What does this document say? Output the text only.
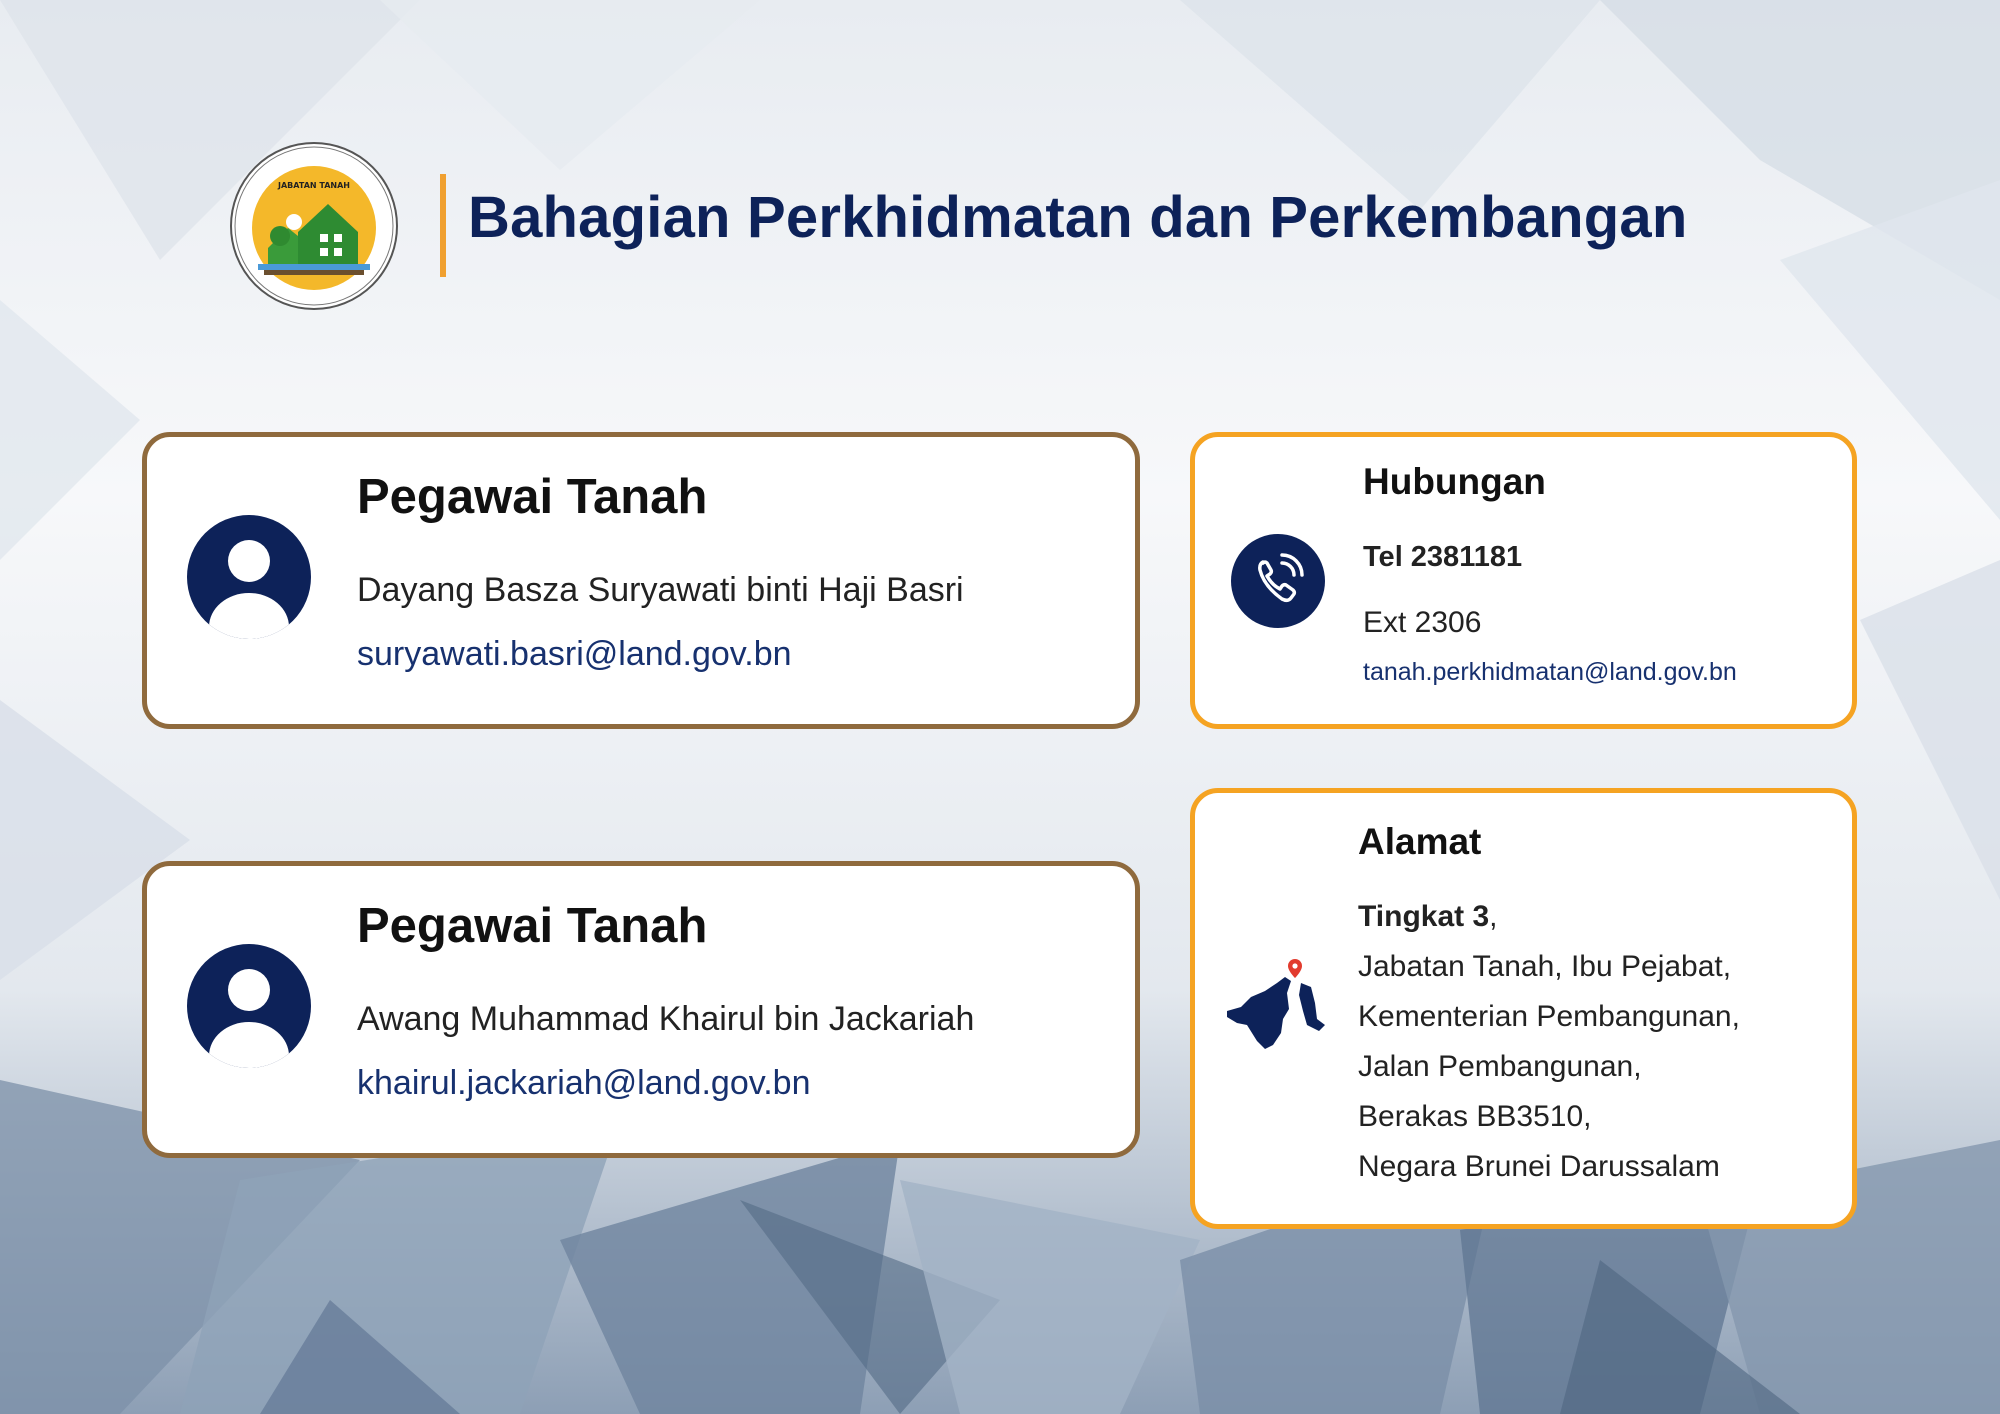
JABATAN TANAH Bahagian Perkhidmatan dan Perkembangan
Pegawai Tanah
Dayang Basza Suryawati binti Haji Basri
suryawati.basri@land.gov.bn
Pegawai Tanah
Awang Muhammad Khairul bin Jackariah
khairul.jackariah@land.gov.bn
Hubungan
Tel 2381181
Ext 2306
tanah.perkhidmatan@land.gov.bn
Alamat
Tingkat 3,
Jabatan Tanah, Ibu Pejabat,
Kementerian Pembangunan,
Jalan Pembangunan,
Berakas BB3510,
Negara Brunei Darussalam
